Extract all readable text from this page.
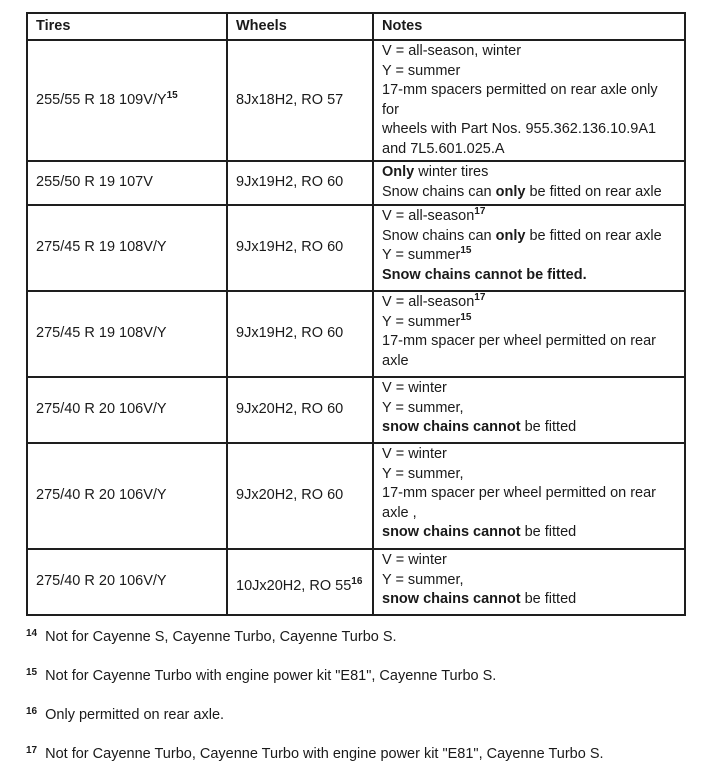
Tires	Wheels	Notes
255/55 R 18 $109V/Y^{15}$	8Jx18H2, RO 57	V = all-season, winter
Y = summer
17-mm spacers permitted on rear axle only for
wheels with Part Nos. 955.362.136.10.9A1
and 7L5.601.025.A

255/50 R 19 107V	9Jx19H2, RO 60	Only winter tires
Snow chains can only be fitted on rear axle

275/45 R 19 108V/Y	9Jx19H2, RO 60	V = all-season$^{17}$
Snow chains can only be fitted on rear axle
Y = summer$^{15}$
Snow chains cannot be fitted.

275/45 R 19 108V/Y	9Jx19H2, RO 60	V = all-season$^{17}$
Y = summer$^{15}$
17-mm spacer per wheel permitted on rear
axle

275/40 R 20 106V/Y	9Jx20H2, RO 60	V = winter
Y = summer,
snow chains cannot be fitted

275/40 R 20 106V/Y	9Jx20H2, RO 60	V = winter
Y = summer,
17-mm spacer per wheel permitted on rear
axle ,
snow chains cannot be fitted

275/40 R 20 106V/Y	10Jx20H2, RO $55^{16}$	V = winter
Y = summer,
snow chains cannot be fitted
$^{14}$ Not for Cayenne S, Cayenne Turbo, Cayenne Turbo S.
$^{15}$ Not for Cayenne Turbo with engine power kit "E81", Cayenne Turbo S.
$^{16}$ Only permitted on rear axle.
$^{17}$ Not for Cayenne Turbo, Cayenne Turbo with engine power kit "E81", Cayenne Turbo S.
